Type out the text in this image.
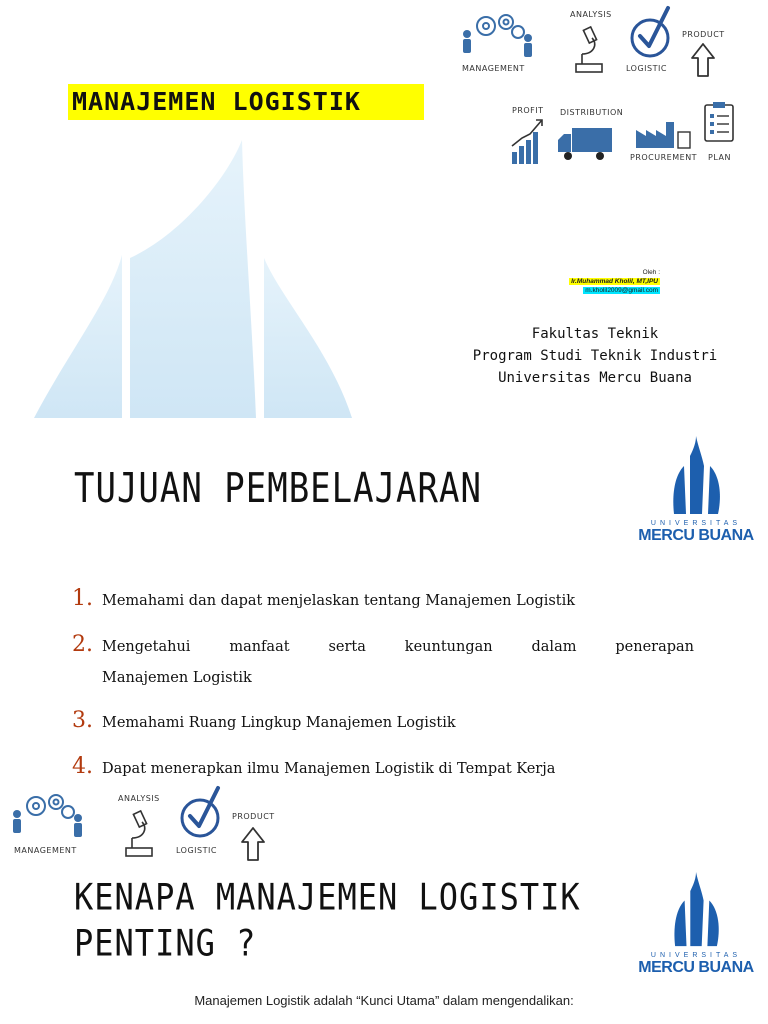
MANAJEMEN LOGISTIK
MANAGEMENT
ANALYSIS
LOGISTIC
PRODUCT
PROFIT DISTRIBUTION
PROCUREMENT PLAN
Oleh :
Ir.Muhammad Kholil, MT,IPU
m.kholil2009@gmail.com
Fakultas Teknik
Program Studi Teknik Industri
Universitas Mercu Buana
TUJUAN PEMBELAJARAN
UNIVERSITAS
MERCU BUANA
1. Memahami dan dapat menjelaskan tentang Manajemen Logistik
2. Mengetahui manfaat serta keuntungan dalam penerapan
Manajemen Logistik
3. Memahami Ruang Lingkup Manajemen Logistik
4. Dapat menerapkan ilmu Manajemen Logistik di Tempat Kerja
MANAGEMENT
ANALYSIS
LOGISTIC
PRODUCT
KENAPA MANAJEMEN LOGISTIK
PENTING ?	UNIVERSITAS
MERCU BUANA
Manajemen Logistik adalah “Kunci Utama” dalam mengendalikan:
